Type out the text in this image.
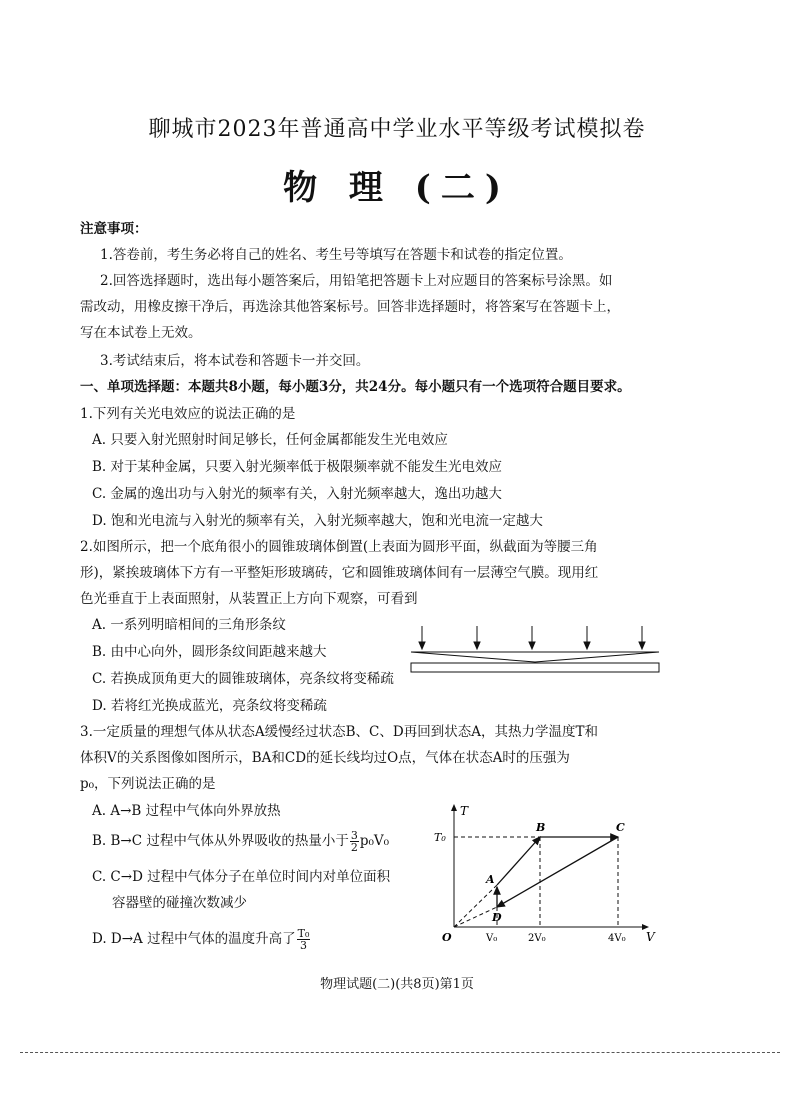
聊城市2023年普通高中学业水平等级考试模拟卷
物 理 (二)
注意事项：
1.答卷前，考生务必将自己的姓名、考生号等填写在答题卡和试卷的指定位置。
2.回答选择题时，选出每小题答案后，用铅笔把答题卡上对应题目的答案标号涂黑。如
需改动，用橡皮擦干净后，再选涂其他答案标号。回答非选择题时，将答案写在答题卡上，
写在本试卷上无效。
3.考试结束后，将本试卷和答题卡一并交回。
一、单项选择题：本题共8小题，每小题3分，共24分。每小题只有一个选项符合题目要求。
1.下列有关光电效应的说法正确的是
A. 只要入射光照射时间足够长，任何金属都能发生光电效应
B. 对于某种金属，只要入射光频率低于极限频率就不能发生光电效应
C. 金属的逸出功与入射光的频率有关，入射光频率越大，逸出功越大
D. 饱和光电流与入射光的频率有关，入射光频率越大，饱和光电流一定越大
2.如图所示，把一个底角很小的圆锥玻璃体倒置(上表面为圆形平面，纵截面为等腰三角
形)，紧挨玻璃体下方有一平整矩形玻璃砖，它和圆锥玻璃体间有一层薄空气膜。现用红
色光垂直于上表面照射，从装置正上方向下观察，可看到
A. 一系列明暗相间的三角形条纹
B. 由中心向外，圆形条纹间距越来越大
C. 若换成顶角更大的圆锥玻璃体，亮条纹将变稀疏
D. 若将红光换成蓝光，亮条纹将变稀疏
3.一定质量的理想气体从状态A缓慢经过状态B、C、D再回到状态A，其热力学温度T和
体积V的关系图像如图所示，BA和CD的延长线均过O点，气体在状态A时的压强为
p₀，下列说法正确的是
A. A→B 过程中气体向外界放热
B. B→C 过程中气体从外界吸收的热量小于 $\frac{3}{2} p_0V_0$
C. C→D 过程中气体分子在单位时间内对单位面积
容器壁的碰撞次数减少
D. D→A 过程中气体的温度升高了 $\frac{\text{T₀}}{3}$
T
V
O
T₀
V₀	2V₀	4V₀
A
B	C
D
物理试题(二)(共8页)第1页
